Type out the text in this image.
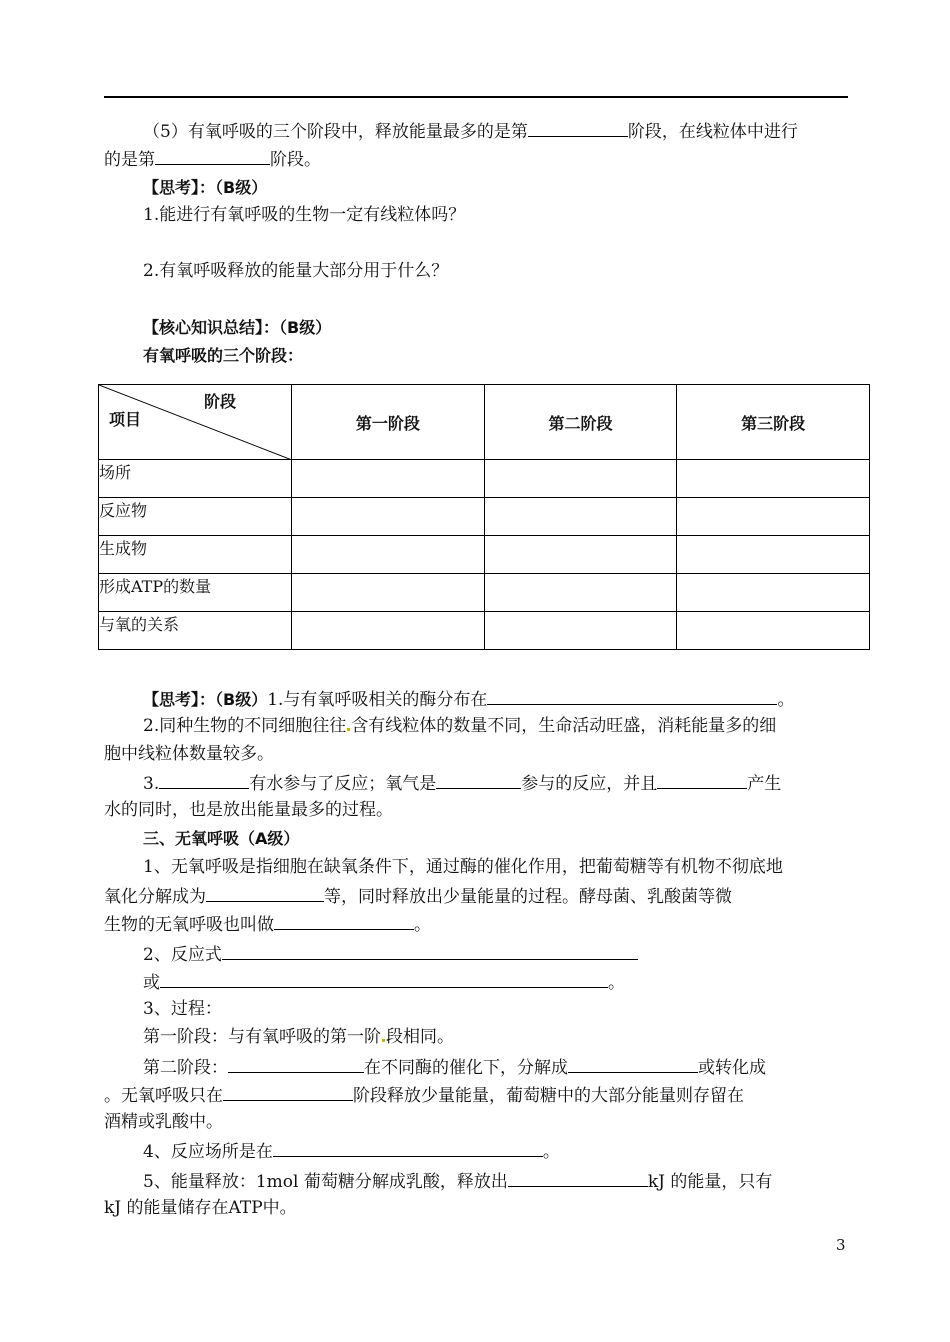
（5）有氧呼吸的三个阶段中，释放能量最多的是第	阶段，在线粒体中进行
的是第	阶段。
【思考】：（B级）
1.能进行有氧呼吸的生物一定有线粒体吗？
2.有氧呼吸释放的能量大部分用于什么？
【核心知识总结】：（B级）
有氧呼吸的三个阶段：
阶段
项目	第一阶段	第二阶段	第三阶段
场所			
反应物			
生成物			
形成ATP的数量			
与氧的关系			
【思考】：（B级）1.与有氧呼吸相关的酶分布在	。
2.同种生物的不同细胞往往 含有线粒体的数量不同，生命活动旺盛，消耗能量多的细
胞中线粒体数量较多。
3.	有水参与了反应；氧气是	参与的反应，并且	产生
水的同时，也是放出能量最多的过程。
三、无氧呼吸（A级）
1、无氧呼吸是指细胞在缺氧条件下，通过酶的催化作用，把葡萄糖等有机物不彻底地
氧化分解成为	等，同时释放出少量能量的过程。酵母菌、乳酸菌等微
生物的无氧呼吸也叫做	。
2、反应式
或	。
3、过程：
第一阶段：与有氧呼吸的第一阶 段相同。
第二阶段：	在不同酶的催化下，分解成	或转化成
。无氧呼吸只在	阶段释放少量能量，葡萄糖中的大部分能量则存留在
酒精或乳酸中。
4、反应场所是在	。
5、能量释放：1mol 葡萄糖分解成乳酸，释放出	kJ 的能量，只有
kJ 的能量储存在ATP中。
3
